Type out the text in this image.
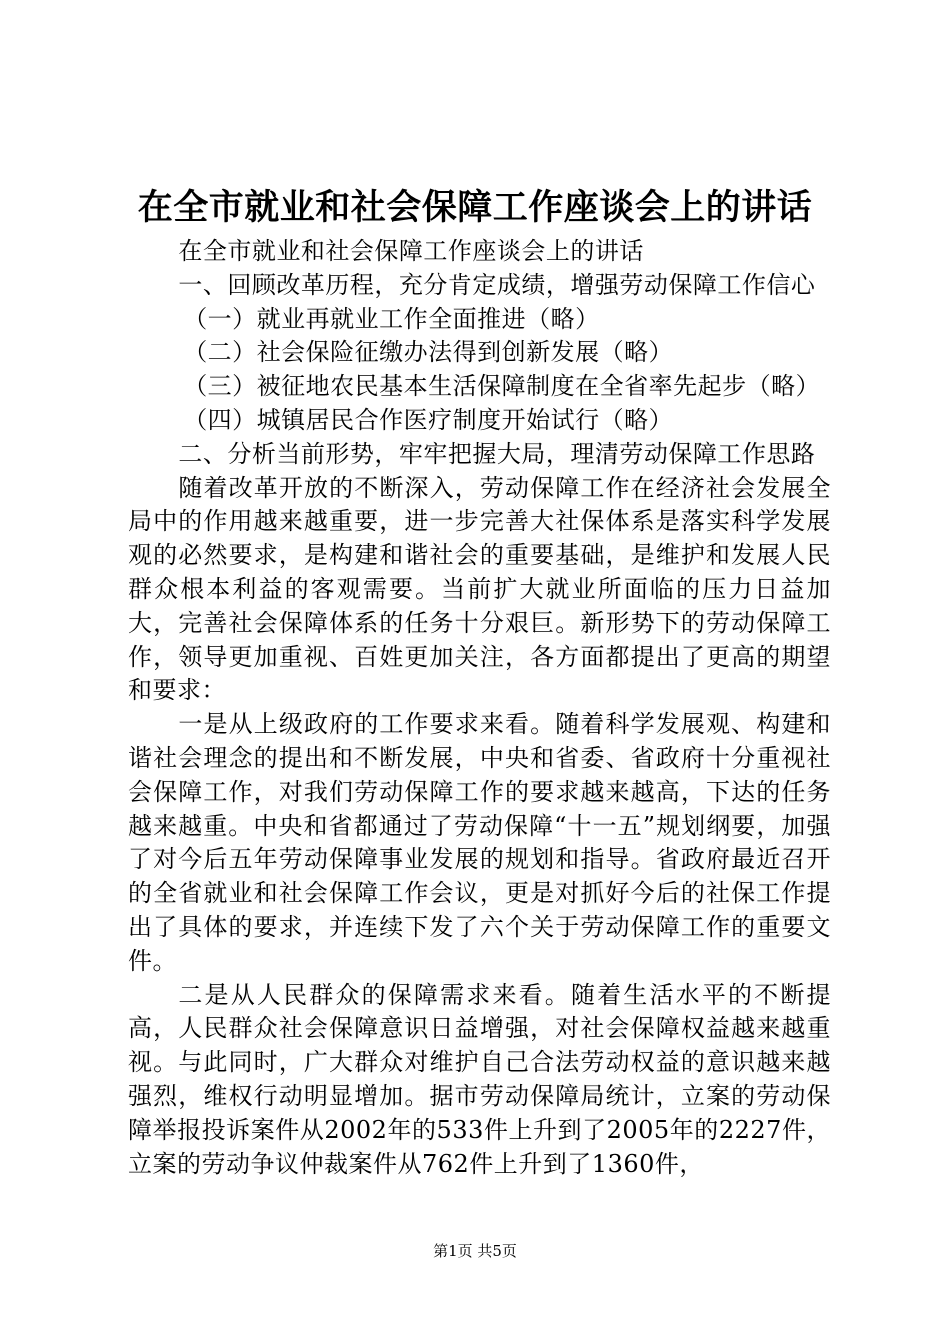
在全市就业和社会保障工作座谈会上的讲话

在全市就业和社会保障工作座谈会上的讲话

一、回顾改革历程，充分肯定成绩，增强劳动保障工作信心

（一）就业再就业工作全面推进（略）

（二）社会保险征缴办法得到创新发展（略）

（三）被征地农民基本生活保障制度在全省率先起步（略）

（四）城镇居民合作医疗制度开始试行（略）

二、分析当前形势，牢牢把握大局，理清劳动保障工作思路

随着改革开放的不断深入，劳动保障工作在经济社会发展全局中的作用越来越重要，进一步完善大社保体系是落实科学发展观的必然要求，是构建和谐社会的重要基础，是维护和发展人民群众根本利益的客观需要。当前扩大就业所面临的压力日益加大，完善社会保障体系的任务十分艰巨。新形势下的劳动保障工作，领导更加重视、百姓更加关注，各方面都提出了更高的期望和要求：

一是从上级政府的工作要求来看。随着科学发展观、构建和谐社会理念的提出和不断发展，中央和省委、省政府十分重视社会保障工作，对我们劳动保障工作的要求越来越高，下达的任务越来越重。中央和省都通过了劳动保障“十一五”规划纲要，加强了对今后五年劳动保障事业发展的规划和指导。省政府最近召开的全省就业和社会保障工作会议，更是对抓好今后的社保工作提出了具体的要求，并连续下发了六个关于劳动保障工作的重要文件。

二是从人民群众的保障需求来看。随着生活水平的不断提高，人民群众社会保障意识日益增强，对社会保障权益越来越重视。与此同时，广大群众对维护自己合法劳动权益的意识越来越强烈，维权行动明显增加。据市劳动保障局统计，立案的劳动保障举报投诉案件从2002年的533件上升到了2005年的2227件，立案的劳动争议仲裁案件从762件上升到了1360件，

第1页 共5页
